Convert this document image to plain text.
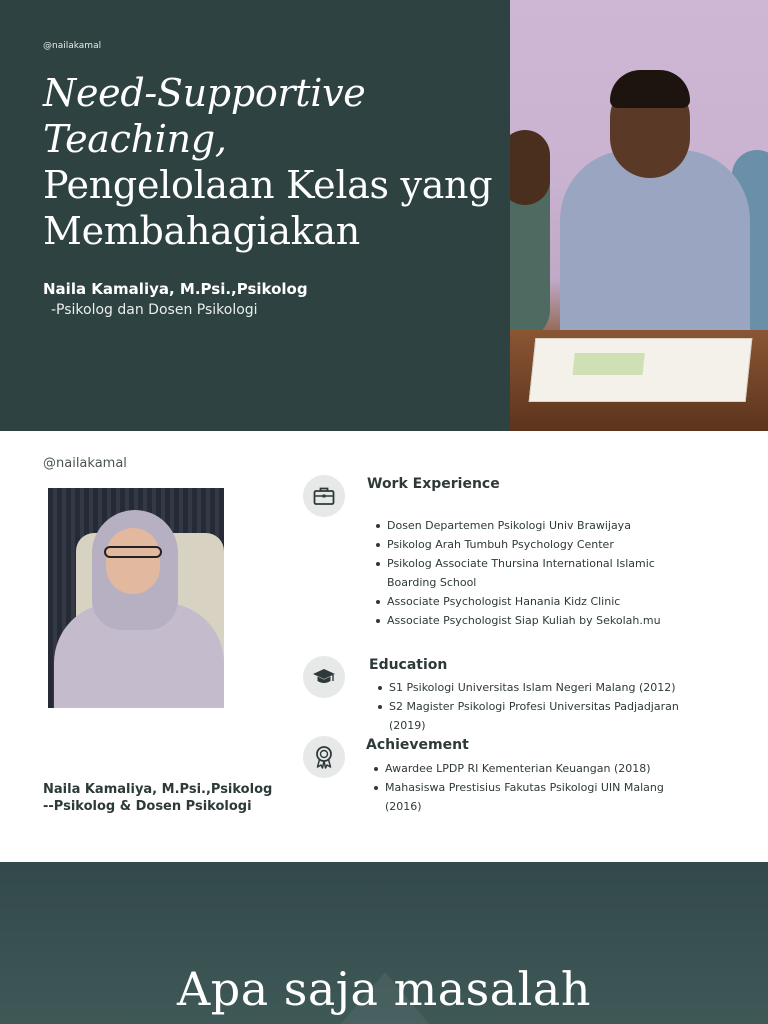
@nailakamal
Need-Supportive
Teaching,
Pengelolaan Kelas yang
Membahagiakan
Naila Kamaliya, M.Psi.,Psikolog
-Psikolog dan Dosen Psikologi
@nailakamal
Naila Kamaliya, M.Psi.,Psikolog
--Psikolog & Dosen Psikologi
Work Experience
Dosen Departemen Psikologi Univ Brawijaya
Psikolog Arah Tumbuh Psychology Center
Psikolog Associate Thursina International Islamic Boarding School
Associate Psychologist Hanania Kidz Clinic
Associate Psychologist Siap Kuliah by Sekolah.mu
Education
S1 Psikologi Universitas Islam Negeri Malang (2012)
S2 Magister Psikologi Profesi Universitas Padjadjaran (2019)
Achievement
Awardee LPDP RI Kementerian Keuangan (2018)
Mahasiswa Prestisius Fakutas Psikologi UIN Malang (2016)
Apa saja masalah
